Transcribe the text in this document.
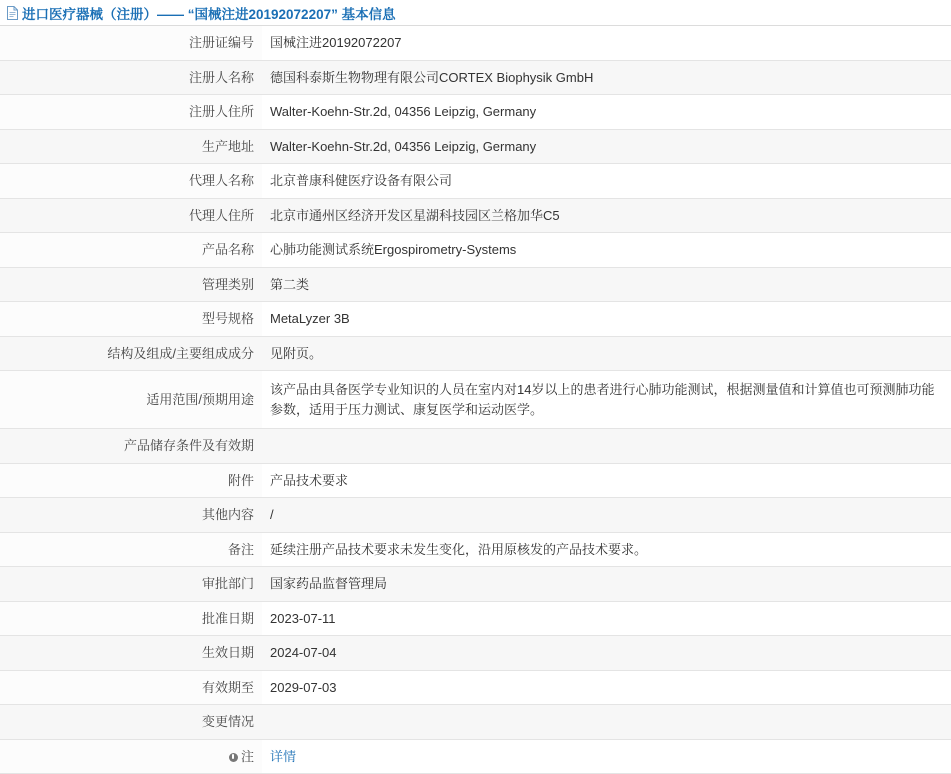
进口医疗器械（注册）—— “国械注进20192072207” 基本信息
注册证编号	国械注进20192072207
注册人名称	德国科泰斯生物物理有限公司CORTEX Biophysik GmbH
注册人住所	Walter-Koehn-Str.2d, 04356 Leipzig, Germany
生产地址	Walter-Koehn-Str.2d, 04356 Leipzig, Germany
代理人名称	北京普康科健医疗设备有限公司
代理人住所	北京市通州区经济开发区星湖科技园区兰格加华C5
产品名称	心肺功能测试系统Ergospirometry-Systems
管理类别	第二类
型号规格	MetaLyzer 3B
结构及组成/主要组成成分	见附页。
适用范围/预期用途	该产品由具备医学专业知识的人员在室内对14岁以上的患者进行心肺功能测试，根据测量值和计算值也可预测肺功能参数，适用于压力测试、康复医学和运动医学。
产品储存条件及有效期	
附件	产品技术要求
其他内容	/
备注	延续注册产品技术要求未发生变化，沿用原核发的产品技术要求。
审批部门	国家药品监督管理局
批准日期	2023-07-11
生效日期	2024-07-04
有效期至	2029-07-03
变更情况	
注	详情
